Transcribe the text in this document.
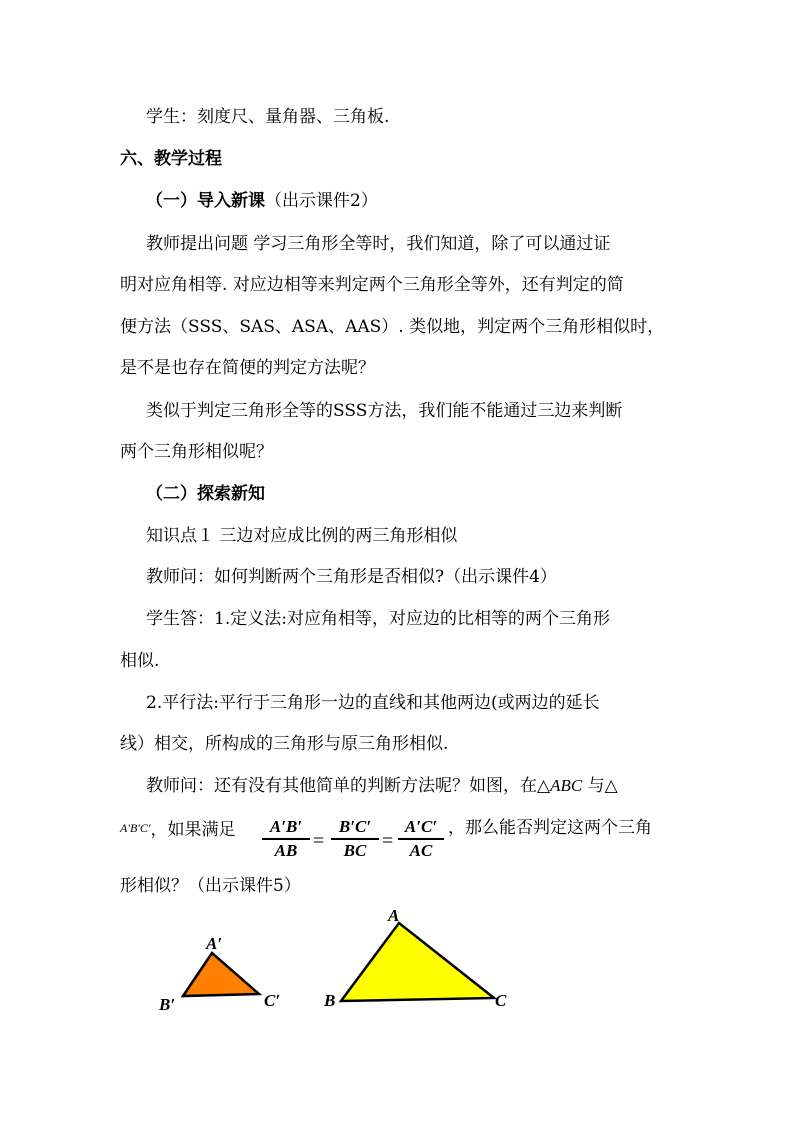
学生：刻度尺、量角器、三角板.
六、教学过程
（一）导入新课（出示课件2）
教师提出问题 学习三角形全等时，我们知道，除了可以通过证
明对应角相等. 对应边相等来判定两个三角形全等外，还有判定的简
便方法（SSS、SAS、ASA、AAS）. 类似地，判定两个三角形相似时，
是不是也存在简便的判定方法呢？
类似于判定三角形全等的SSS方法，我们能不能通过三边来判断
两个三角形相似呢？
（二）探索新知
知识点１ 三边对应成比例的两三角形相似
教师问：如何判断两个三角形是否相似?（出示课件4）
学生答：1.定义法:对应角相等，对应边的比相等的两个三角形
相似.
2.平行法:平行于三角形一边的直线和其他两边(或两边的延长
线）相交，所构成的三角形与原三角形相似.
教师问：还有没有其他简单的判断方法呢？如图，在△ABC 与△
A′B′C′，如果满足	A′B′
AB =
B′C′
BC =
A′C′
AC
，那么能否判定这两个三角
形相似？（出示课件5）
A′
B′	C′
A
B	C
